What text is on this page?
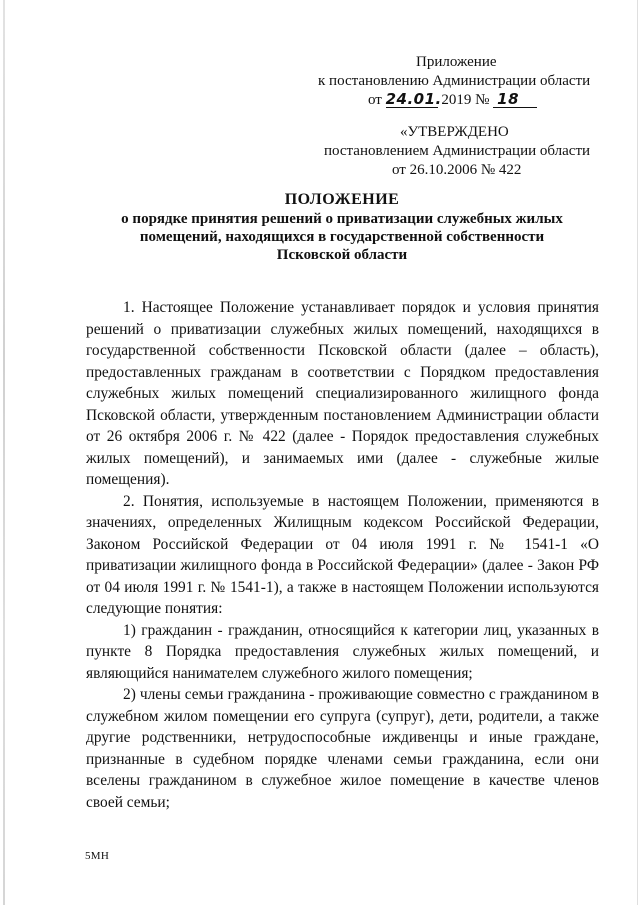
Приложение
к постановлению Администрации области
от 24.01. 2019 № 18
«УТВЕРЖДЕНО
постановлением Администрации области
от 26.10.2006 № 422
ПОЛОЖЕНИЕ
о порядке принятия решений о приватизации служебных жилых
помещений, находящихся в государственной собственности
Псковской области

1. Настоящее Положение устанавливает порядок и условия принятия решений о приватизации служебных жилых помещений, находящихся в государственной собственности Псковской области (далее – область), предоставленных гражданам в соответствии с Порядком предоставления служебных жилых помещений специализированного жилищного фонда Псковской области, утвержденным постановлением Администрации области от 26 октября 2006 г. № 422 (далее - Порядок предоставления служебных жилых помещений), и занимаемых ими (далее - служебные жилые помещения).

2. Понятия, используемые в настоящем Положении, применяются в значениях, определенных Жилищным кодексом Российской Федерации, Законом Российской Федерации от 04 июля 1991 г. № 1541-1 «О приватизации жилищного фонда в Российской Федерации» (далее - Закон РФ от 04 июля 1991 г. № 1541-1), а также в настоящем Положении используются следующие понятия:

1) гражданин - гражданин, относящийся к категории лиц, указанных в пункте 8 Порядка предоставления служебных жилых помещений, и являющийся нанимателем служебного жилого помещения;

2) члены семьи гражданина - проживающие совместно с гражданином в служебном жилом помещении его супруга (супруг), дети, родители, а также другие родственники, нетрудоспособные иждивенцы и иные граждане, признанные в судебном порядке членами семьи гражданина, если они вселены гражданином в служебное жилое помещение в качестве членов своей семьи;

5МН
